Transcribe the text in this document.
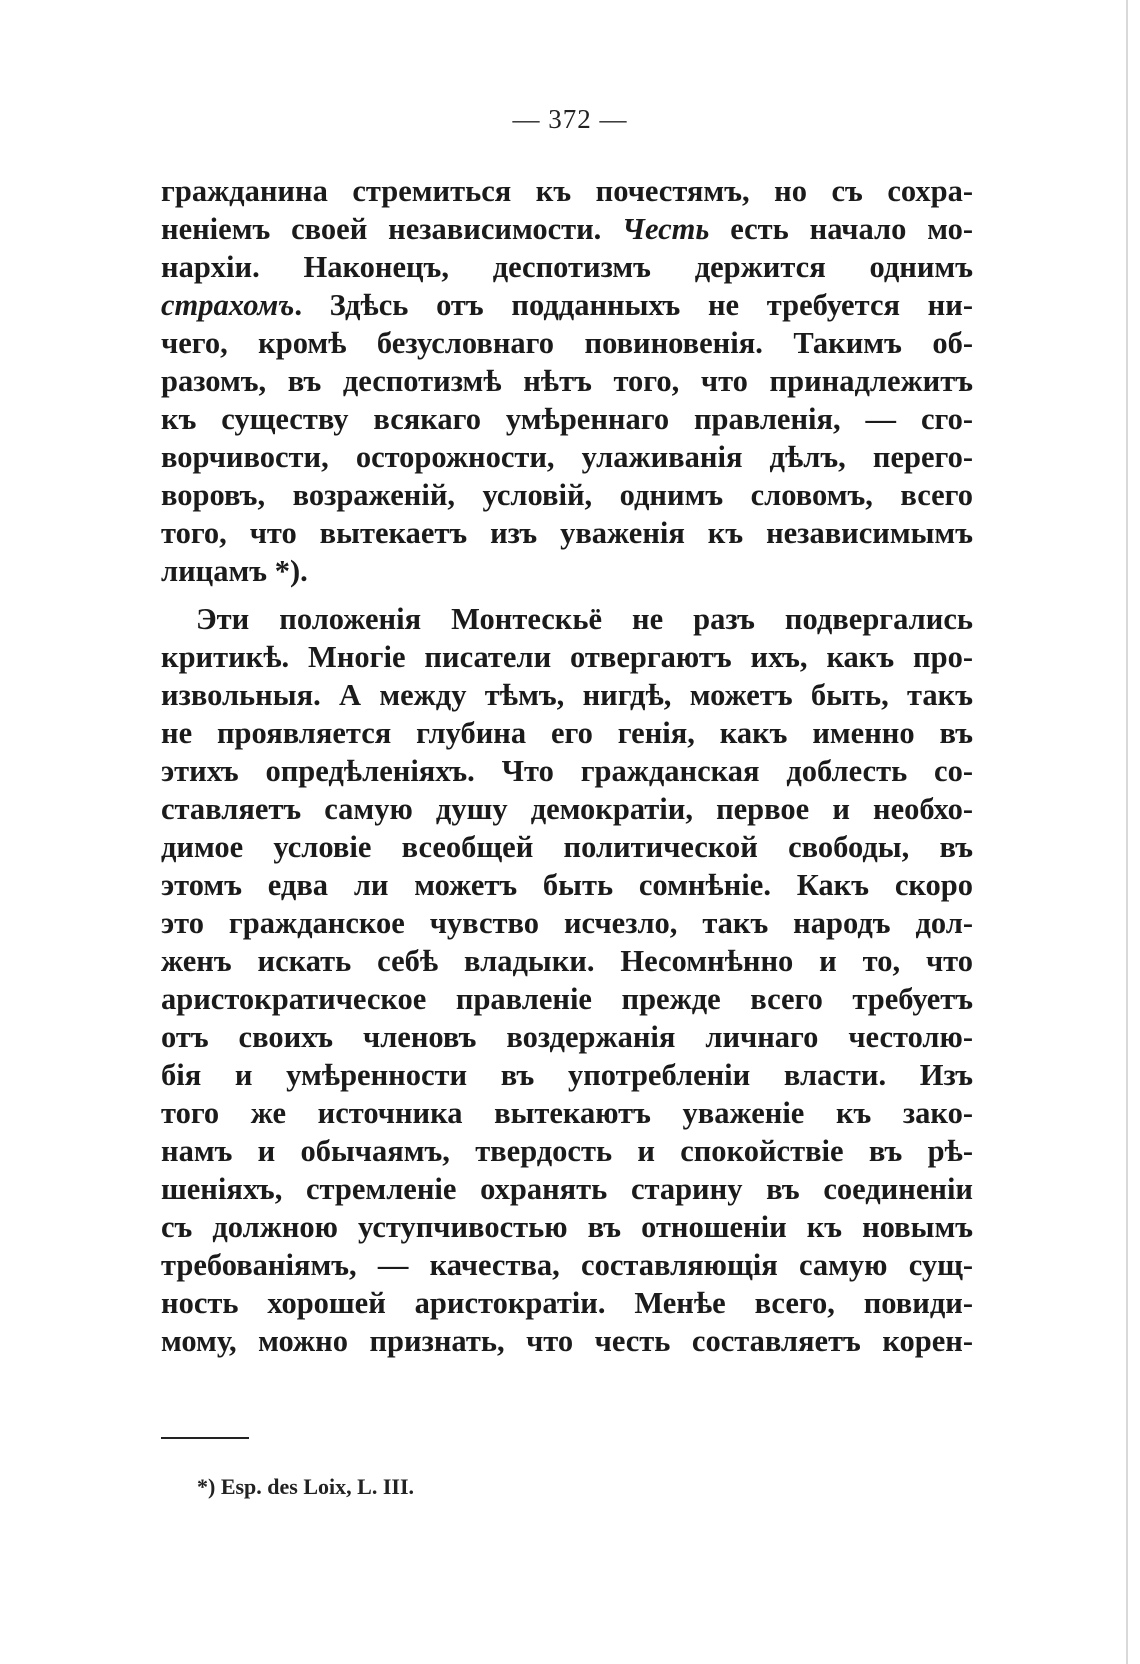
— 372 —
гражданина стремиться къ почестямъ, но съ сохра-
неніемъ своей независимости. Честь есть начало мо-
нархіи. Наконецъ, деспотизмъ держится однимъ
страхомъ. Здѣсь отъ подданныхъ не требуется ни-
чего, кромѣ безусловнаго повиновенія. Такимъ об-
разомъ, въ деспотизмѣ нѣтъ того, что принадлежитъ
къ существу всякаго умѣреннаго правленія, — сго-
ворчивости, осторожности, улаживанія дѣлъ, перего-
воровъ, возраженій, условій, однимъ словомъ, всего
того, что вытекаетъ изъ уваженія къ независимымъ
лицамъ *).
Эти положенія Монтескьё не разъ подвергались
критикѣ. Многіе писатели отвергаютъ ихъ, какъ про-
извольныя. А между тѣмъ, нигдѣ, можетъ быть, такъ
не проявляется глубина его генія, какъ именно въ
этихъ опредѣленіяхъ. Что гражданская доблесть со-
ставляетъ самую душу демократіи, первое и необхо-
димое условіе всеобщей политической свободы, въ
этомъ едва ли можетъ быть сомнѣніе. Какъ скоро
это гражданское чувство исчезло, такъ народъ дол-
женъ искать себѣ владыки. Несомнѣнно и то, что
аристократическое правленіе прежде всего требуетъ
отъ своихъ членовъ воздержанія личнаго честолю-
бія и умѣренности въ употребленіи власти. Изъ
того же источника вытекаютъ уваженіе къ зако-
намъ и обычаямъ, твердость и спокойствіе въ рѣ-
шеніяхъ, стремленіе охранять старину въ соединеніи
съ должною уступчивостью въ отношеніи къ новымъ
требованіямъ, — качества, составляющія самую сущ-
ность хорошей аристократіи. Менѣе всего, повиди-
мому, можно признать, что честь составляетъ корен-
*) Esp. des Loix, L. III.
